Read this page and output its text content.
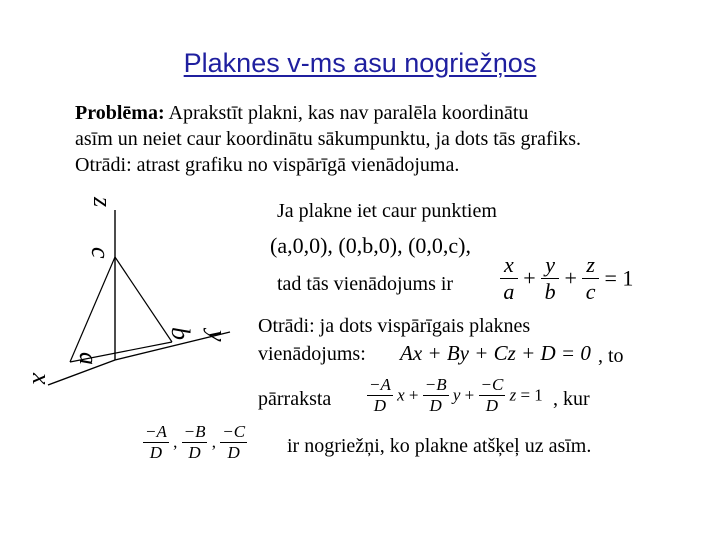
Plaknes v-ms asu nogriežņos
Problēma: Aprakstīt plakni, kas nav paralēla koordinātu
asīm un neiet caur koordinātu sākumpunktu, ja dots tās grafiks.
Otrādi: atrast grafiku no vispārīgā vienādojuma.
z
c
b y
a
x
Ja plakne iet caur punktiem
(a,0,0), (0,b,0), (0,0,c),
tad tās vienādojums ir $\frac{x}{a} + \frac{y}{b} + \frac{z}{c} = 1$
Otrādi: ja dots vispārīgais plaknes
vienādojums: Ax + By + Cz + D = 0 , to
pārraksta $\frac{-A}{D}$ $x + \frac{-B}{D}$ $y + \frac{-C}{D}$ z = 1 , kur
$\frac{-A}{D}$ , $\frac{-B}{D}$ , $\frac{-C}{D}$ ir nogriežņi, ko plakne atšķeļ uz asīm.
